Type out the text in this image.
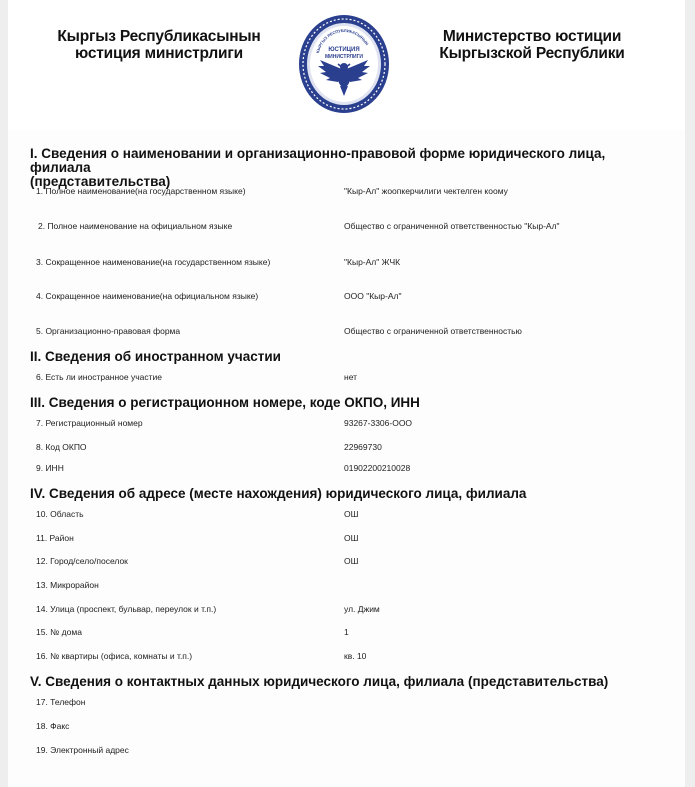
Кыргыз Республикасынын
юстиция министрлиги	КЫРГЫЗ РЕСПУБЛИКАСЫНЫН
ЮСТИЦИЯ
МИНИСТРЛИГИ
Министерство юстиции
Кыргызской Республики
I. Сведения о наименовании и организационно-правовой форме юридического лица, филиала
(представительства)
1. Полное наименование(на государственном языке)	"Кыр-Ал" жоопкерчилиги чектелген коому
2. Полное наименование на официальном языке	Общество с ограниченной ответственностью "Кыр-Ал"
3. Сокращенное наименование(на государственном языке)	"Кыр-Ал" ЖЧК
4. Сокращенное наименование(на официальном языке)	ООО "Кыр-Ал"
5. Организационно-правовая форма	Общество с ограниченной ответственностью
II. Сведения об иностранном участии
6. Есть ли иностранное участие	нет
III. Сведения о регистрационном номере, коде ОКПО, ИНН
7. Регистрационный номер	93267-3306-ООО
8. Код ОКПО	22969730
9. ИНН	01902200210028
IV. Сведения об адресе (месте нахождения) юридического лица, филиала
10. Область	ОШ
11. Район	ОШ
12. Город/село/поселок	ОШ
13. Микрорайон
14. Улица (проспект, бульвар, переулок и т.п.)	ул. Джим
15. № дома	1
16. № квартиры (офиса, комнаты и т.п.)	кв. 10
V. Сведения о контактных данных юридического лица, филиала (представительства)
17. Телефон
18. Факс
19. Электронный адрес
